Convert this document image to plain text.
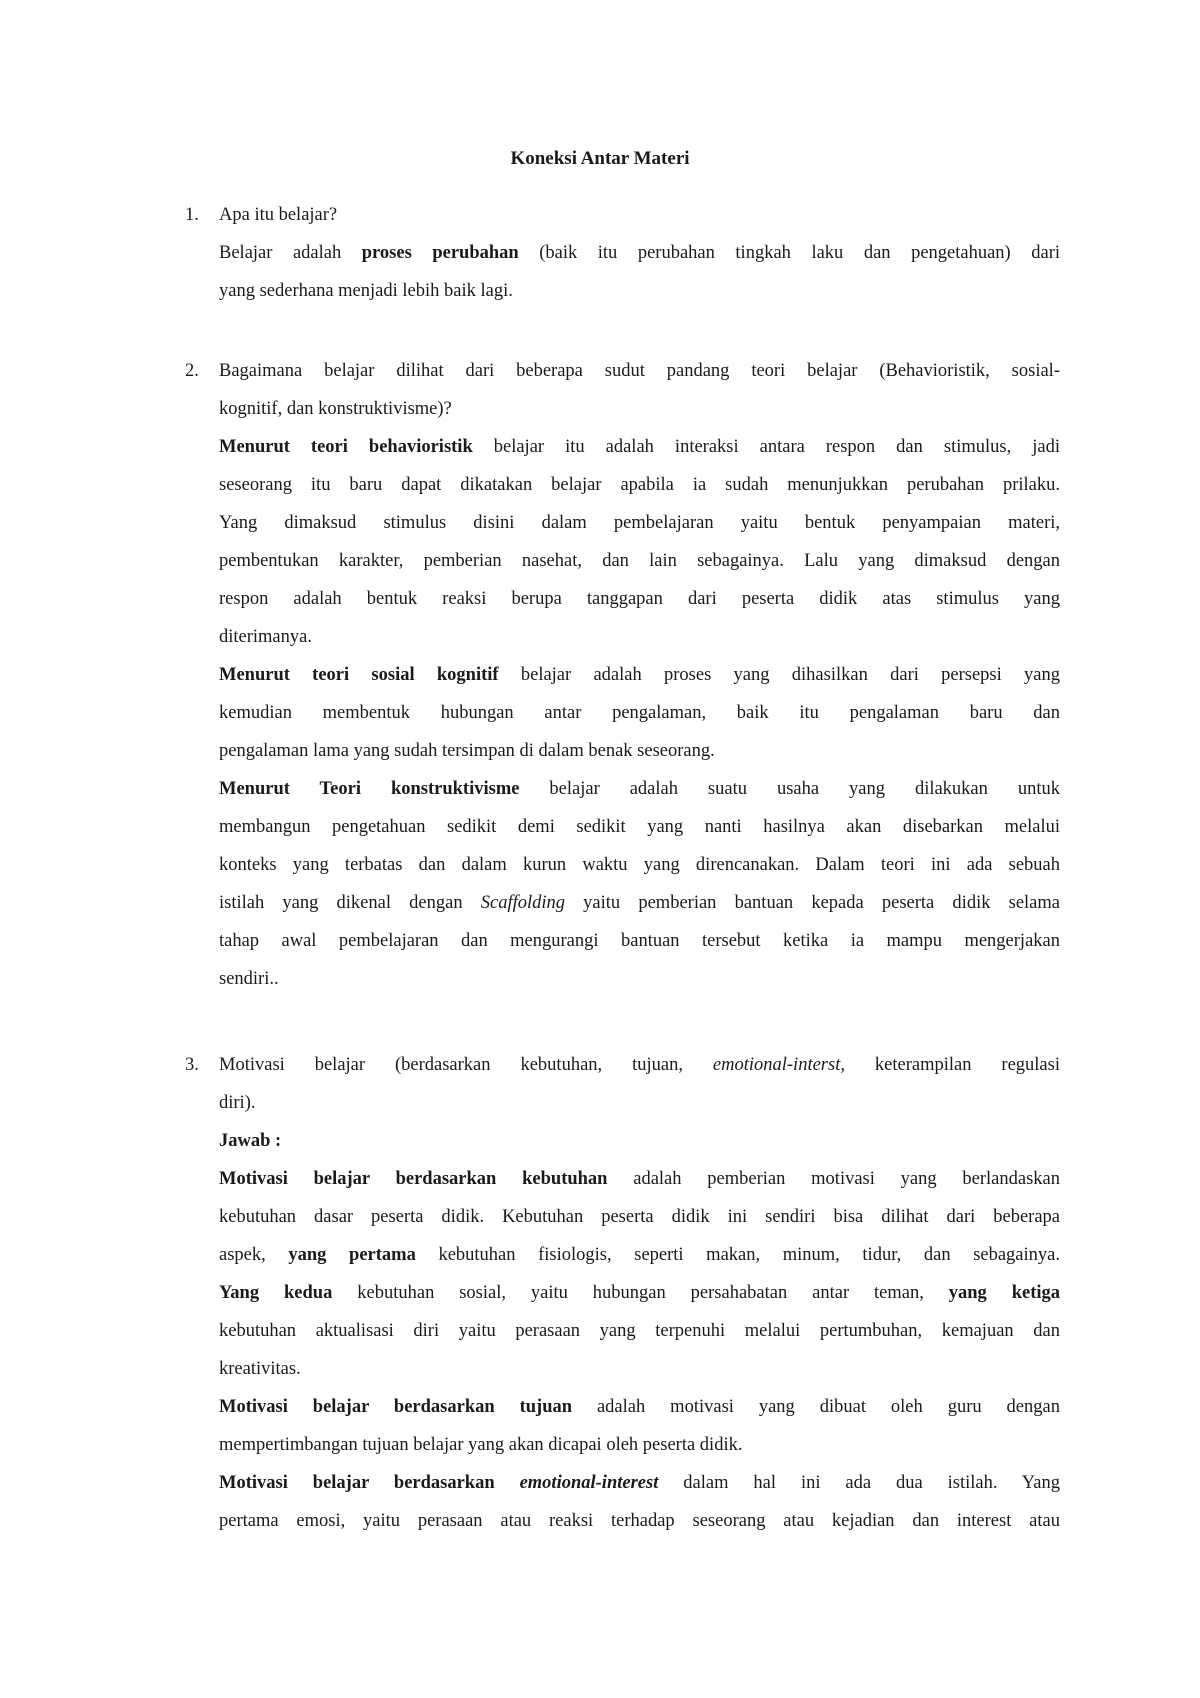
Koneksi Antar Materi
1.	Apa itu belajar?
Belajar adalah proses perubahan (baik itu perubahan tingkah laku dan pengetahuan) dari
yang sederhana menjadi lebih baik lagi.
2.	Bagaimana belajar dilihat dari beberapa sudut pandang teori belajar (Behavioristik, sosial-
kognitif, dan konstruktivisme)?
Menurut teori behavioristik belajar itu adalah interaksi antara respon dan stimulus, jadi
seseorang itu baru dapat dikatakan belajar apabila ia sudah menunjukkan perubahan prilaku.
Yang dimaksud stimulus disini dalam pembelajaran yaitu bentuk penyampaian materi,
pembentukan karakter, pemberian nasehat, dan lain sebagainya. Lalu yang dimaksud dengan
respon adalah bentuk reaksi berupa tanggapan dari peserta didik atas stimulus yang
diterimanya.
Menurut teori sosial kognitif belajar adalah proses yang dihasilkan dari persepsi yang
kemudian membentuk hubungan antar pengalaman, baik itu pengalaman baru dan
pengalaman lama yang sudah tersimpan di dalam benak seseorang.
Menurut Teori konstruktivisme belajar adalah suatu usaha yang dilakukan untuk
membangun pengetahuan sedikit demi sedikit yang nanti hasilnya akan disebarkan melalui
konteks yang terbatas dan dalam kurun waktu yang direncanakan. Dalam teori ini ada sebuah
istilah yang dikenal dengan Scaffolding yaitu pemberian bantuan kepada peserta didik selama
tahap awal pembelajaran dan mengurangi bantuan tersebut ketika ia mampu mengerjakan
sendiri..
3.	Motivasi belajar (berdasarkan kebutuhan, tujuan, emotional-interst, keterampilan regulasi
diri).
Jawab :
Motivasi belajar berdasarkan kebutuhan adalah pemberian motivasi yang berlandaskan
kebutuhan dasar peserta didik. Kebutuhan peserta didik ini sendiri bisa dilihat dari beberapa
aspek, yang pertama kebutuhan fisiologis, seperti makan, minum, tidur, dan sebagainya.
Yang kedua kebutuhan sosial, yaitu hubungan persahabatan antar teman, yang ketiga
kebutuhan aktualisasi diri yaitu perasaan yang terpenuhi melalui pertumbuhan, kemajuan dan
kreativitas.
Motivasi belajar berdasarkan tujuan adalah motivasi yang dibuat oleh guru dengan
mempertimbangan tujuan belajar yang akan dicapai oleh peserta didik.
Motivasi belajar berdasarkan emotional-interest dalam hal ini ada dua istilah. Yang
pertama emosi, yaitu perasaan atau reaksi terhadap seseorang atau kejadian dan interest atau
